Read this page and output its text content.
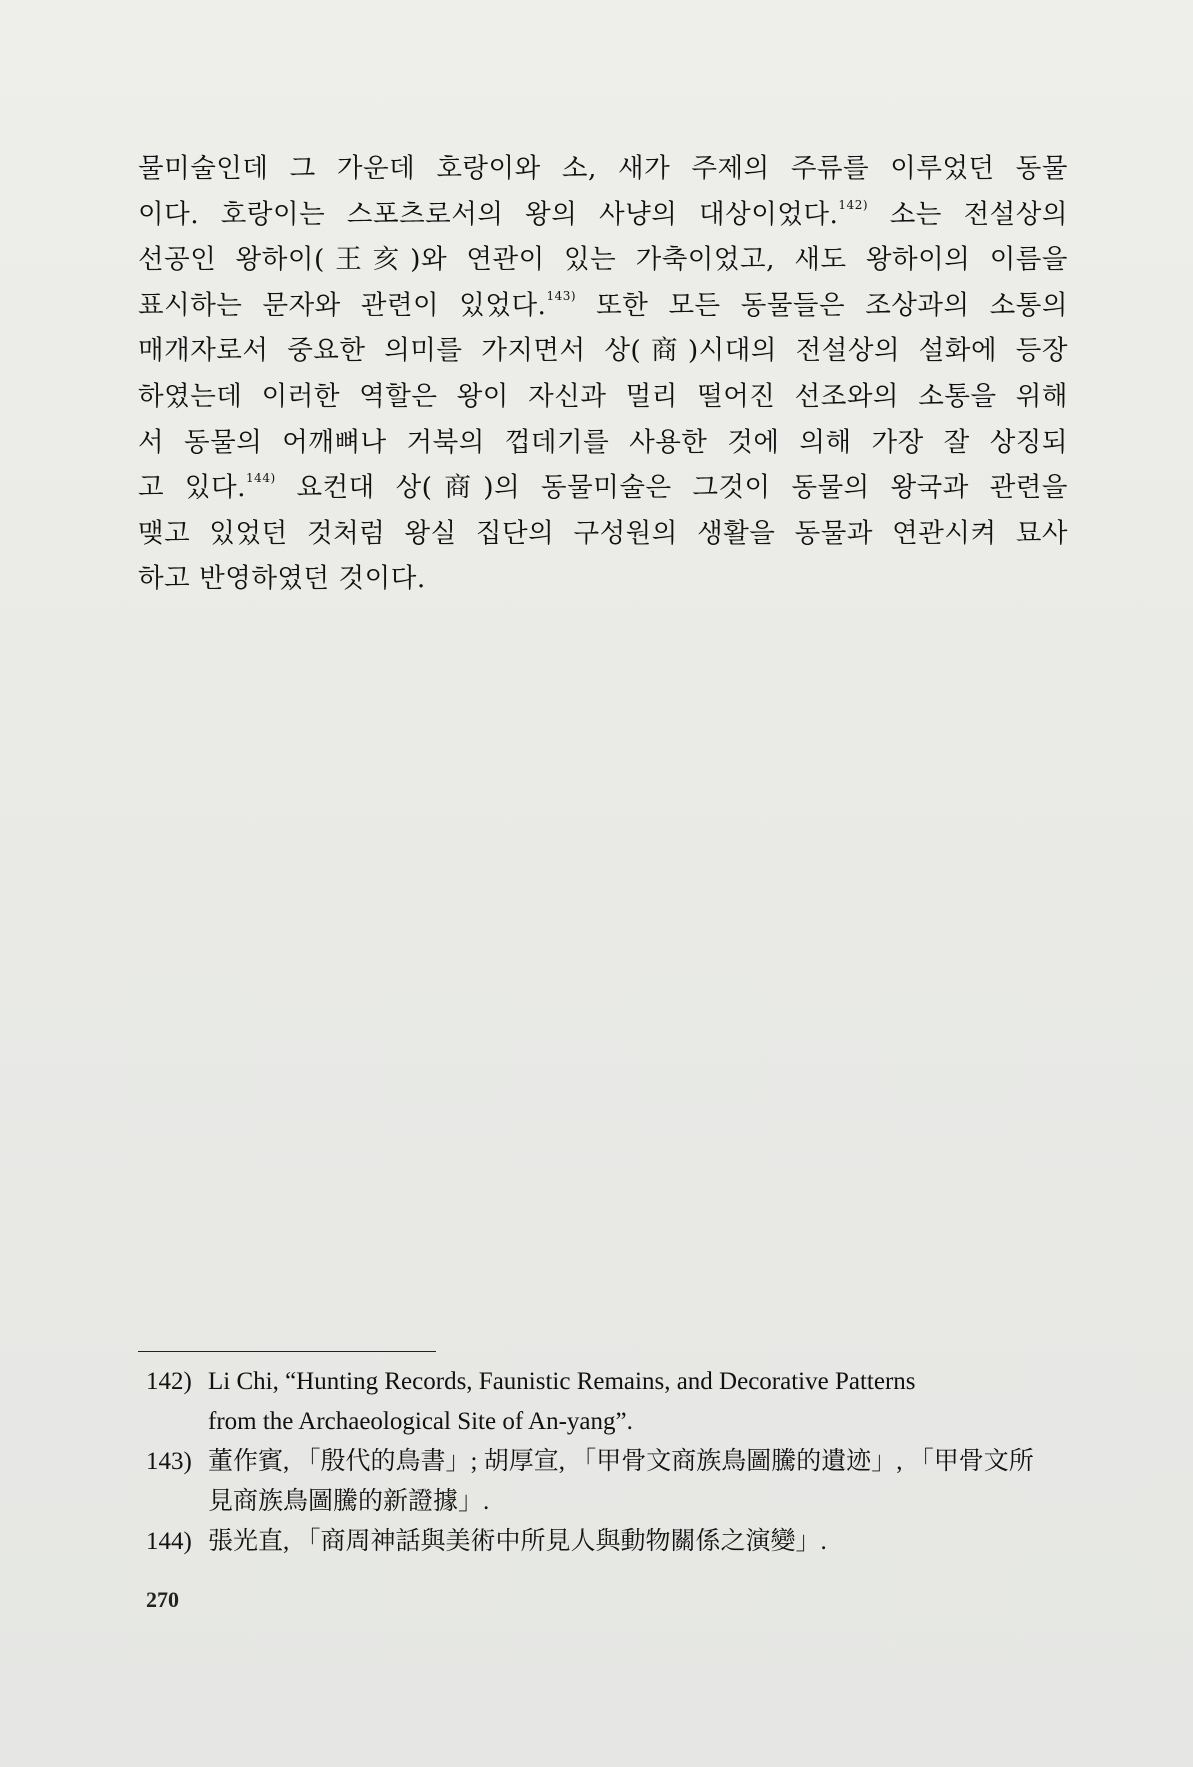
물미술인데 그 가운데 호랑이와 소, 새가 주제의 주류를 이루었던 동물
이다. 호랑이는 스포츠로서의 왕의 사냥의 대상이었다.$^{142)}$ 소는 전설상의
선공인 왕하이(王亥)와 연관이 있는 가축이었고, 새도 왕하이의 이름을
표시하는 문자와 관련이 있었다.$^{143)}$ 또한 모든 동물들은 조상과의 소통의
매개자로서 중요한 의미를 가지면서 상(商)시대의 전설상의 설화에 등장
하였는데 이러한 역할은 왕이 자신과 멀리 떨어진 선조와의 소통을 위해
서 동물의 어깨뼈나 거북의 껍데기를 사용한 것에 의해 가장 잘 상징되
고 있다.$^{144)}$ 요컨대 상(商)의 동물미술은 그것이 동물의 왕국과 관련을
맺고 있었던 것처럼 왕실 집단의 구성원의 생활을 동물과 연관시켜 묘사
하고 반영하였던 것이다.
142) Li Chi, “Hunting Records, Faunistic Remains, and Decorative Patterns
from the Archaeological Site of An-yang”.
143) 董作賓, 「殷代的鳥書」; 胡厚宣, 「甲骨文商族鳥圖騰的遺迹」, 「甲骨文所
見商族鳥圖騰的新證據」.
144) 張光直, 「商周神話與美術中所見人與動物關係之演變」.
270
